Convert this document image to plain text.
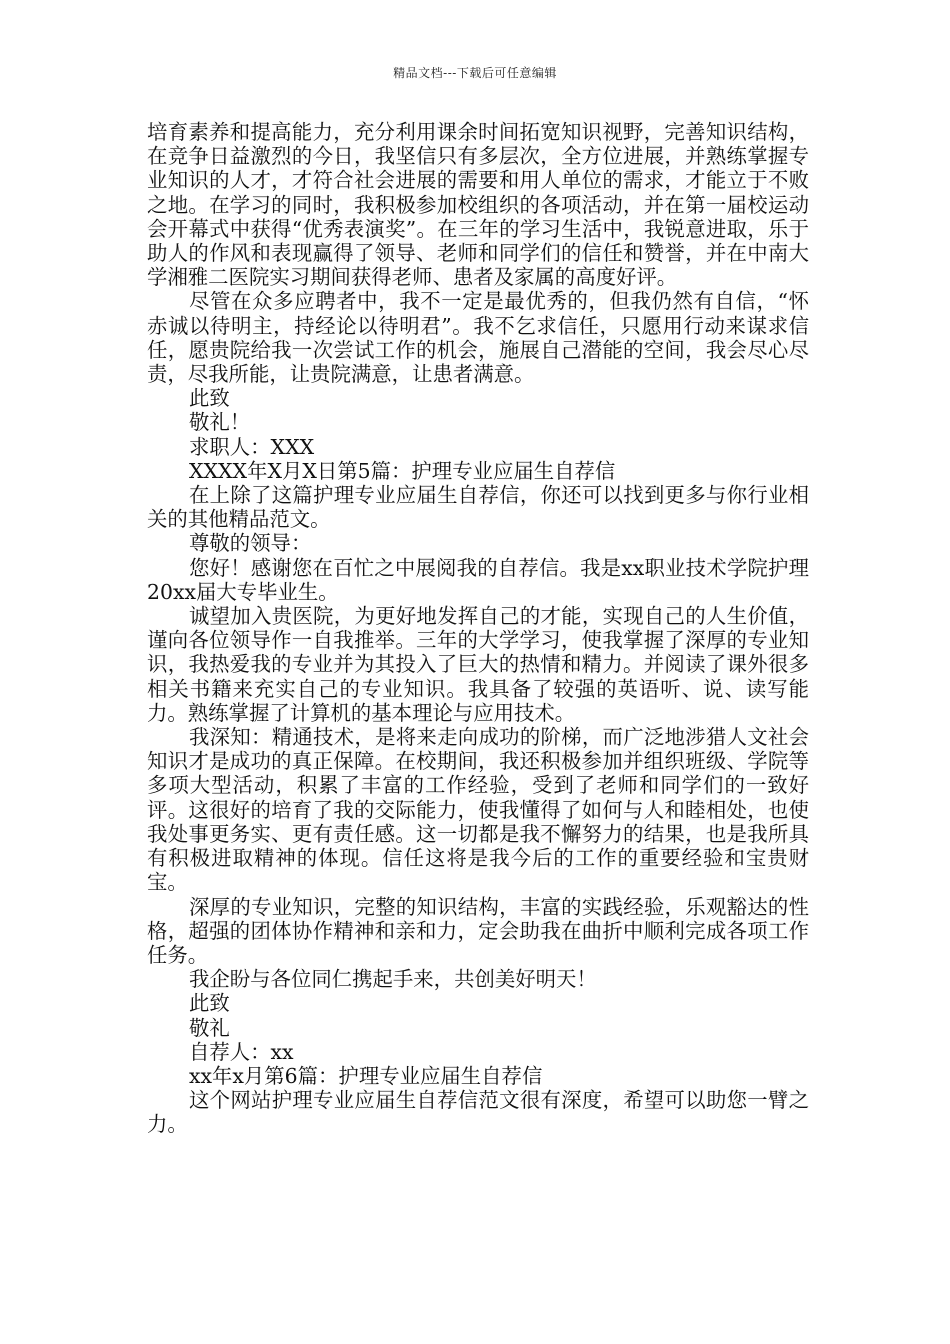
精品文档---下载后可任意编辑

培育素养和提高能力，充分利用课余时间拓宽知识视野，完善知识结构，在竞争日益激烈的今日，我坚信只有多层次，全方位进展，并熟练掌握专业知识的人才，才符合社会进展的需要和用人单位的需求，才能立于不败之地。在学习的同时，我积极参加校组织的各项活动，并在第一届校运动会开幕式中获得“优秀表演奖”。在三年的学习生活中，我锐意进取，乐于助人的作风和表现赢得了领导、老师和同学们的信任和赞誉，并在中南大学湘雅二医院实习期间获得老师、患者及家属的高度好评。

尽管在众多应聘者中，我不一定是最优秀的，但我仍然有自信，“怀赤诚以待明主，持经论以待明君”。我不乞求信任，只愿用行动来谋求信任，愿贵院给我一次尝试工作的机会，施展自己潜能的空间，我会尽心尽责，尽我所能，让贵院满意，让患者满意。

此致

敬礼！

求职人：XXX

XXXX年X月X日第5篇：护理专业应届生自荐信

在上除了这篇护理专业应届生自荐信，你还可以找到更多与你行业相关的其他精品范文。

尊敬的领导：

您好！感谢您在百忙之中展阅我的自荐信。我是xx职业技术学院护理20xx届大专毕业生。

诚望加入贵医院，为更好地发挥自己的才能，实现自己的人生价值，谨向各位领导作一自我推举。三年的大学学习，使我掌握了深厚的专业知识，我热爱我的专业并为其投入了巨大的热情和精力。并阅读了课外很多相关书籍来充实自己的专业知识。我具备了较强的英语听、说、读写能力。熟练掌握了计算机的基本理论与应用技术。

我深知：精通技术，是将来走向成功的阶梯，而广泛地涉猎人文社会知识才是成功的真正保障。在校期间，我还积极参加并组织班级、学院等多项大型活动，积累了丰富的工作经验，受到了老师和同学们的一致好评。这很好的培育了我的交际能力，使我懂得了如何与人和睦相处，也使我处事更务实、更有责任感。这一切都是我不懈努力的结果，也是我所具有积极进取精神的体现。信任这将是我今后的工作的重要经验和宝贵财宝。

深厚的专业知识，完整的知识结构，丰富的实践经验，乐观豁达的性格，超强的团体协作精神和亲和力，定会助我在曲折中顺利完成各项工作任务。

我企盼与各位同仁携起手来，共创美好明天！

此致

敬礼

自荐人：xx

xx年x月第6篇：护理专业应届生自荐信

这个网站护理专业应届生自荐信范文很有深度，希望可以助您一臂之力。
